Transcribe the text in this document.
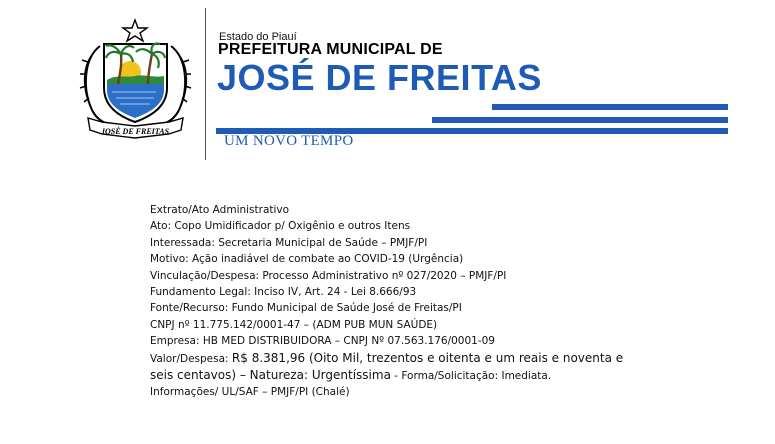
JOSÉ DE FREITAS
Estado do Piauí
PREFEITURA MUNICIPAL DE
JOSÉ DE FREITAS
UM NOVO TEMPO
Extrato/Ato Administrativo
Ato: Copo Umidificador p/ Oxigênio e outros Itens
Interessada: Secretaria Municipal de Saúde – PMJF/PI
Motivo: Ação inadiável de combate ao COVID-19 (Urgência)
Vinculação/Despesa: Processo Administrativo nº 027/2020 – PMJF/PI
Fundamento Legal: Inciso IV, Art. 24 - Lei 8.666/93
Fonte/Recurso: Fundo Municipal de Saúde José de Freitas/PI
CNPJ nº 11.775.142/0001-47 – (ADM PUB MUN SAÚDE)
Empresa: HB MED DISTRIBUIDORA – CNPJ Nº 07.563.176/0001-09
Valor/Despesa: R$ 8.381,96 (Oito Mil, trezentos e oitenta e um reais e noventa e seis centavos) – Natureza: Urgentíssima - Forma/Solicitação: Imediata.
Informações/ UL/SAF – PMJF/PI (Chalé)
